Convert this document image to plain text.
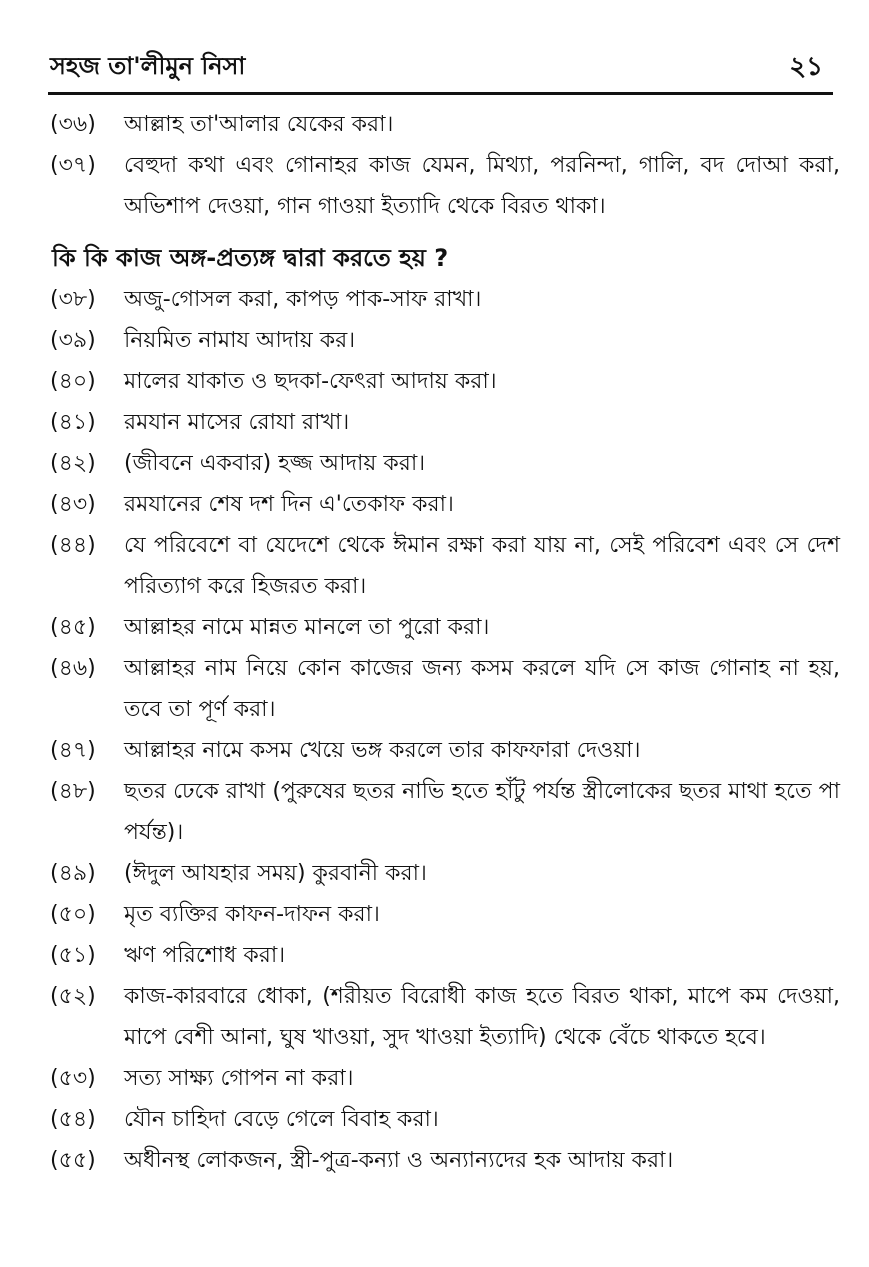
সহজ তা'লীমুন নিসা	২১
(৩৬)	আল্লাহ তা'আলার যেকের করা।
(৩৭)	বেহুদা কথা এবং গোনাহর কাজ যেমন, মিথ্যা, পরনিন্দা, গালি, বদ দোআ করা, অভিশাপ দেওয়া, গান গাওয়া ইত্যাদি থেকে বিরত থাকা।
কি কি কাজ অঙ্গ-প্রত্যঙ্গ দ্বারা করতে হয় ?
(৩৮)	অজু-গোসল করা, কাপড় পাক-সাফ রাখা।
(৩৯)	নিয়মিত নামায আদায় কর।
(৪০)	মালের যাকাত ও ছদকা-ফেৎরা আদায় করা।
(৪১)	রমযান মাসের রোযা রাখা।
(৪২)	(জীবনে একবার) হজ্জ আদায় করা।
(৪৩)	রমযানের শেষ দশ দিন এ'তেকাফ করা।
(৪৪)	যে পরিবেশে বা যেদেশে থেকে ঈমান রক্ষা করা যায় না, সেই পরিবেশ এবং সে দেশ পরিত্যাগ করে হিজরত করা।
(৪৫)	আল্লাহর নামে মান্নত মানলে তা পুরো করা।
(৪৬)	আল্লাহর নাম নিয়ে কোন কাজের জন্য কসম করলে যদি সে কাজ গোনাহ না হয়, তবে তা পূর্ণ করা।
(৪৭)	আল্লাহর নামে কসম খেয়ে ভঙ্গ করলে তার কাফফারা দেওয়া।
(৪৮)	ছতর ঢেকে রাখা (পুরুষের ছতর নাভি হতে হাঁটু পর্যন্ত স্ত্রীলোকের ছতর মাথা হতে পা পর্যন্ত)।
(৪৯)	(ঈদুল আযহার সময়) কুরবানী করা।
(৫০)	মৃত ব্যক্তির কাফন-দাফন করা।
(৫১)	ঋণ পরিশোধ করা।
(৫২)	কাজ-কারবারে ধোকা, (শরীয়ত বিরোধী কাজ হতে বিরত থাকা, মাপে কম দেওয়া, মাপে বেশী আনা, ঘুষ খাওয়া, সুদ খাওয়া ইত্যাদি) থেকে বেঁচে থাকতে হবে।
(৫৩)	সত্য সাক্ষ্য গোপন না করা।
(৫৪)	যৌন চাহিদা বেড়ে গেলে বিবাহ করা।
(৫৫)	অধীনস্থ লোকজন, স্ত্রী-পুত্র-কন্যা ও অন্যান্যদের হক আদায় করা।
